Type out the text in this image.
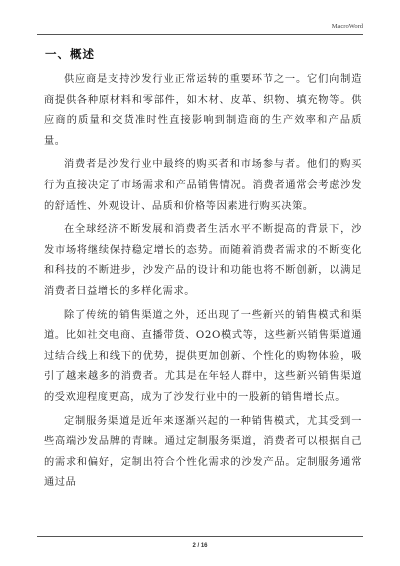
MacroWord
一、概述

供应商是支持沙发行业正常运转的重要环节之一。它们向制造商提供各种原材料和零部件，如木材、皮革、织物、填充物等。供应商的质量和交货准时性直接影响到制造商的生产效率和产品质量。

消费者是沙发行业中最终的购买者和市场参与者。他们的购买行为直接决定了市场需求和产品销售情况。消费者通常会考虑沙发的舒适性、外观设计、品质和价格等因素进行购买决策。

在全球经济不断发展和消费者生活水平不断提高的背景下，沙发市场将继续保持稳定增长的态势。而随着消费者需求的不断变化和科技的不断进步，沙发产品的设计和功能也将不断创新，以满足消费者日益增长的多样化需求。

除了传统的销售渠道之外，还出现了一些新兴的销售模式和渠道。比如社交电商、直播带货、O2O模式等，这些新兴销售渠道通过结合线上和线下的优势，提供更加创新、个性化的购物体验，吸引了越来越多的消费者。尤其是在年轻人群中，这些新兴销售渠道的受欢迎程度更高，成为了沙发行业中的一股新的销售增长点。

定制服务渠道是近年来逐渐兴起的一种销售模式，尤其受到一些高端沙发品牌的青睐。通过定制服务渠道，消费者可以根据自己的需求和偏好，定制出符合个性化需求的沙发产品。定制服务通常通过品

2 / 16
